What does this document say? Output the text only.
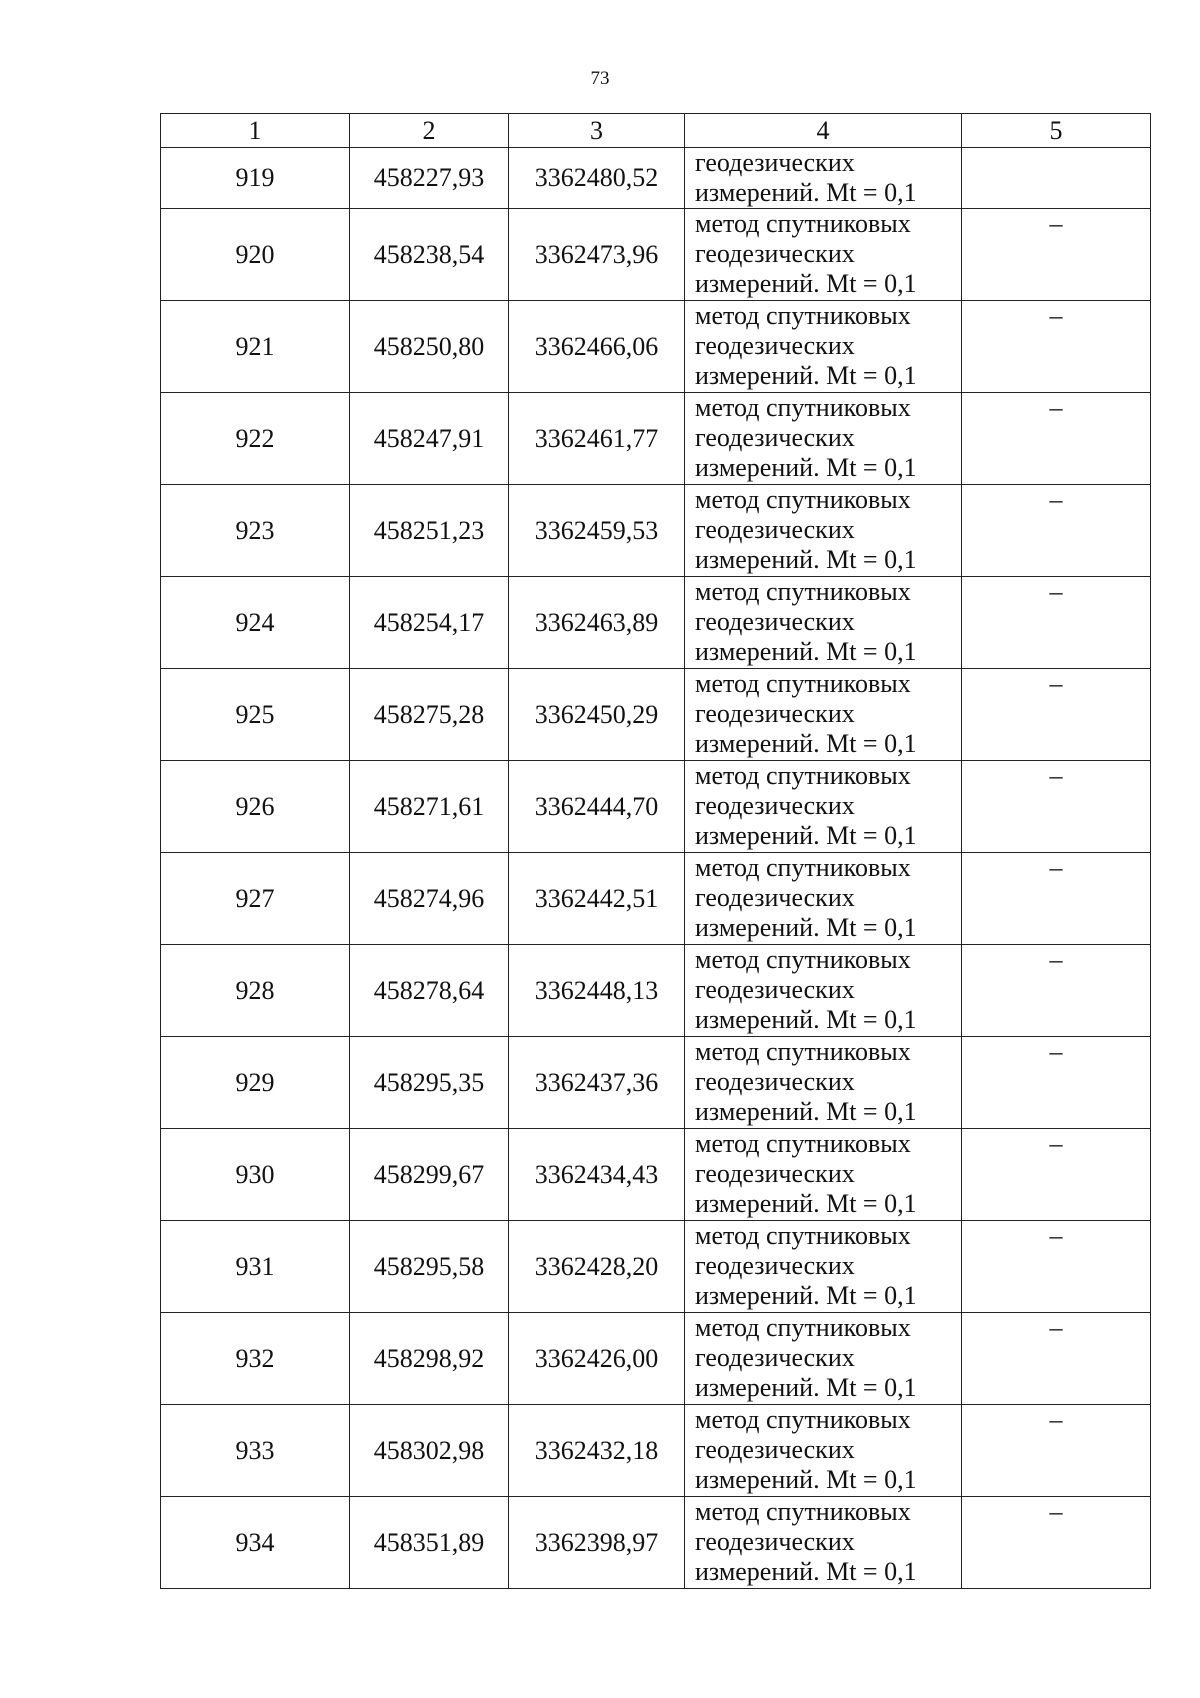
73
1	2	3	4	5
919	458227,93	3362480,52	геодезических
измерений. Mt = 0,1	

920	458238,54	3362473,96	метод спутниковых
геодезических
измерений. Mt = 0,1	–
921	458250,80	3362466,06	метод спутниковых
геодезических
измерений. Mt = 0,1	–
922	458247,91	3362461,77	метод спутниковых
геодезических
измерений. Mt = 0,1	–
923	458251,23	3362459,53	метод спутниковых
геодезических
измерений. Mt = 0,1	–
924	458254,17	3362463,89	метод спутниковых
геодезических
измерений. Mt = 0,1	–
925	458275,28	3362450,29	метод спутниковых
геодезических
измерений. Mt = 0,1	–
926	458271,61	3362444,70	метод спутниковых
геодезических
измерений. Mt = 0,1	–
927	458274,96	3362442,51	метод спутниковых
геодезических
измерений. Mt = 0,1	–
928	458278,64	3362448,13	метод спутниковых
геодезических
измерений. Mt = 0,1	–
929	458295,35	3362437,36	метод спутниковых
геодезических
измерений. Mt = 0,1	–
930	458299,67	3362434,43	метод спутниковых
геодезических
измерений. Mt = 0,1	–
931	458295,58	3362428,20	метод спутниковых
геодезических
измерений. Mt = 0,1	–
932	458298,92	3362426,00	метод спутниковых
геодезических
измерений. Mt = 0,1	–
933	458302,98	3362432,18	метод спутниковых
геодезических
измерений. Mt = 0,1	–
934	458351,89	3362398,97	метод спутниковых
геодезических
измерений. Mt = 0,1	–
